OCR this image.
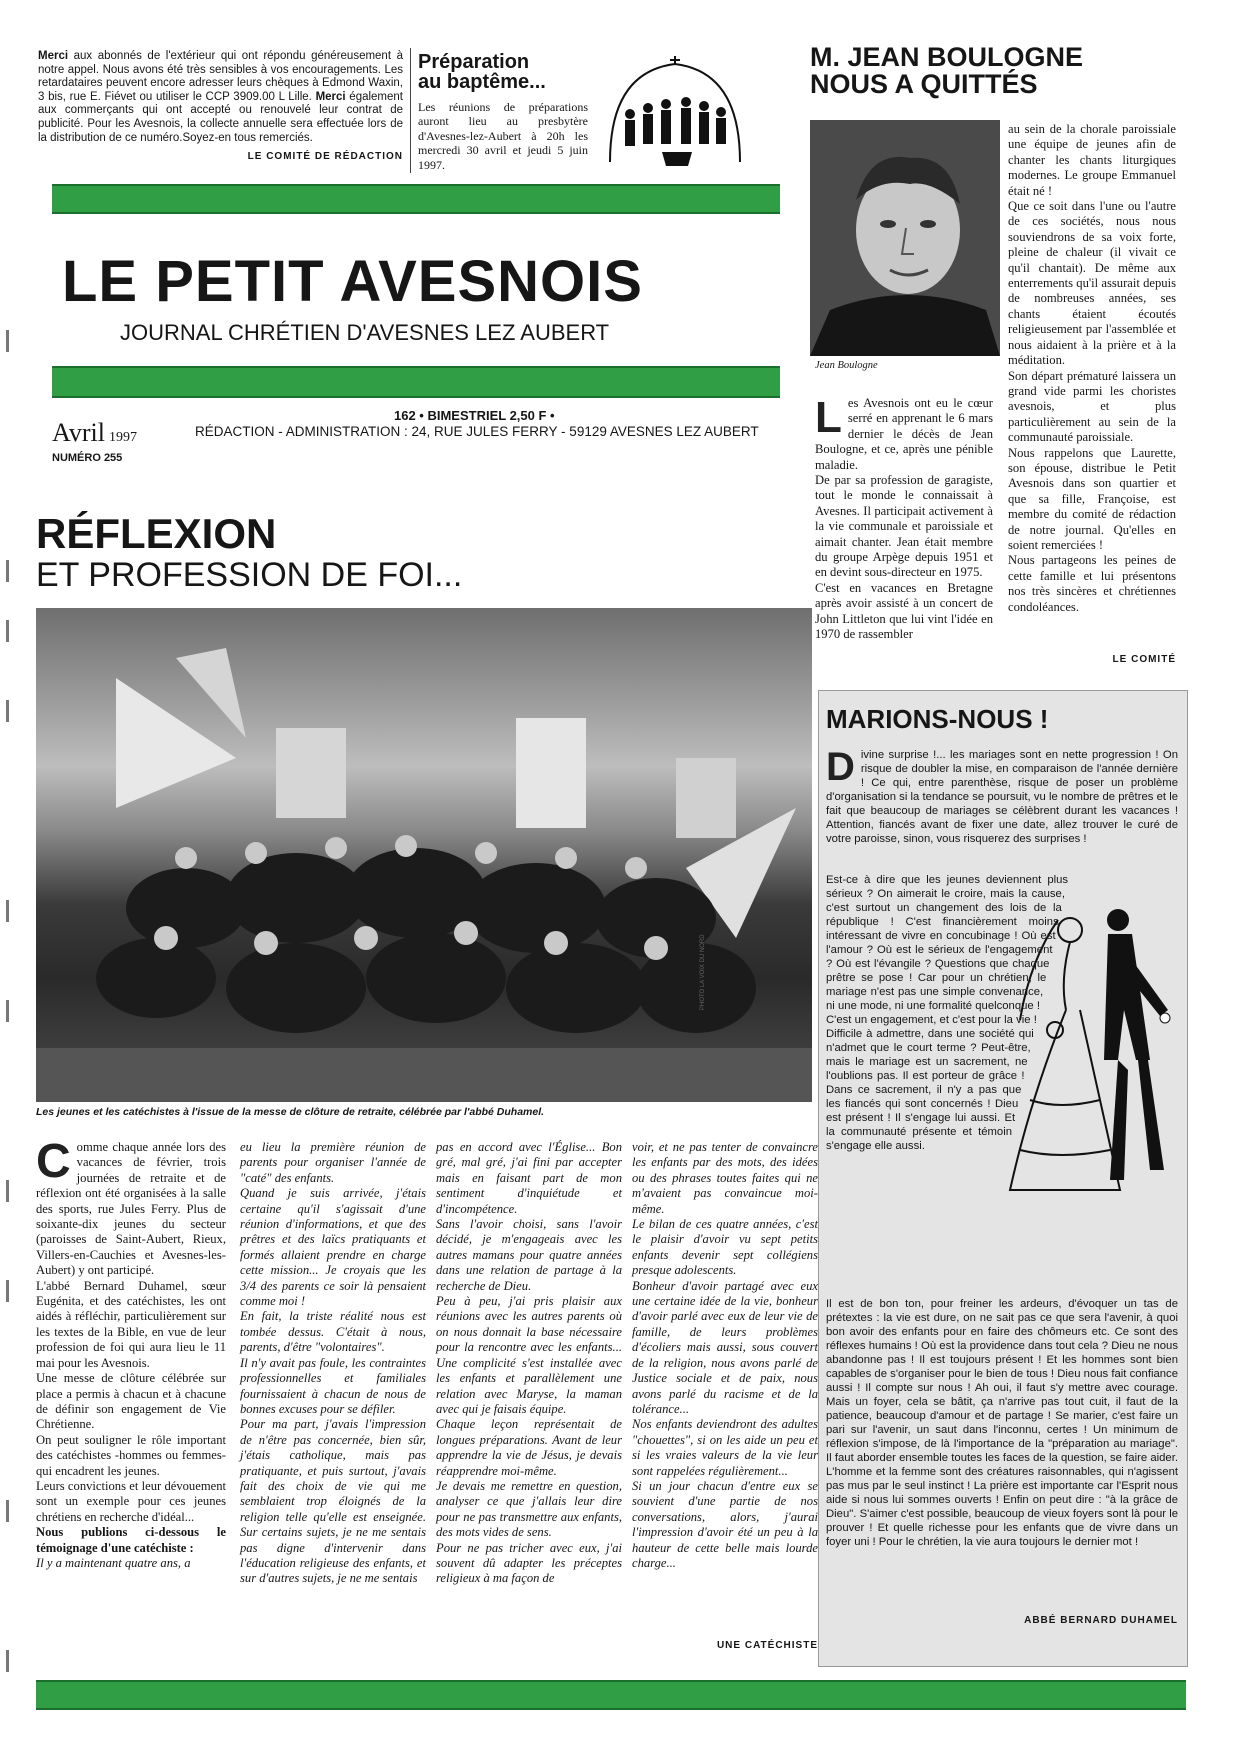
Merci aux abonnés de l'extérieur qui ont répondu généreusement à notre appel. Nous avons été très sensibles à vos encouragements. Les retardataires peuvent encore adresser leurs chèques à Edmond Waxin, 3 bis, rue E. Fiévet ou utiliser le CCP 3909.00 L Lille. Merci également aux commerçants qui ont accepté ou renouvelé leur contrat de publicité. Pour les Avesnois, la collecte annuelle sera effectuée lors de la distribution de ce numéro.Soyez-en tous remerciés.
LE COMITÉ DE RÉDACTION
Préparation
au baptême...
Les réunions de préparations auront lieu au presbytère d'Avesnes-lez-Aubert à 20h les mercredi 30 avril et jeudi 5 juin 1997.
LE PETIT AVESNOIS
JOURNAL CHRÉTIEN D'AVESNES LEZ AUBERT
Avril 1997
NUMÉRO 255
162 • BIMESTRIEL 2,50 F •
RÉDACTION - ADMINISTRATION : 24, RUE JULES FERRY - 59129 AVESNES LEZ AUBERT
RÉFLEXION
ET PROFESSION DE FOI...
PHOTO LA VOIX DU NORD
Les jeunes et les catéchistes à l'issue de la messe de clôture de retraite, célébrée par l'abbé Duhamel.
C omme chaque année lors des vacances de février, trois journées de retraite et de réflexion ont été organisées à la salle des sports, rue Jules Ferry. Plus de soixante-dix jeunes du secteur (paroisses de Saint-Aubert, Rieux, Villers-en-Cauchies et Avesnes-les-Aubert) y ont participé.

L'abbé Bernard Duhamel, sœur Eugénita, et des catéchistes, les ont aidés à réfléchir, particulièrement sur les textes de la Bible, en vue de leur profession de foi qui aura lieu le 11 mai pour les Avesnois.

Une messe de clôture célébrée sur place a permis à chacun et à chacune de définir son engagement de Vie Chrétienne.

On peut souligner le rôle important des catéchistes -hommes ou femmes- qui encadrent les jeunes.

Leurs convictions et leur dévouement sont un exemple pour ces jeunes chrétiens en recherche d'idéal...

Nous publions ci-dessous le témoignage d'une catéchiste :

Il y a maintenant quatre ans, a

eu lieu la première réunion de parents pour organiser l'année de "caté" des enfants.

Quand je suis arrivée, j'étais certaine qu'il s'agissait d'une réunion d'informations, et que des prêtres et des laïcs pratiquants et formés allaient prendre en charge cette mission... Je croyais que les 3/4 des parents ce soir là pensaient comme moi !

En fait, la triste réalité nous est tombée dessus. C'était à nous, parents, d'être "volontaires".

Il n'y avait pas foule, les contraintes professionnelles et familiales fournissaient à chacun de nous de bonnes excuses pour se défiler.

Pour ma part, j'avais l'impression de n'être pas concernée, bien sûr, j'étais catholique, mais pas pratiquante, et puis surtout, j'avais fait des choix de vie qui me semblaient trop éloignés de la religion telle qu'elle est enseignée. Sur certains sujets, je ne me sentais pas digne d'intervenir dans l'éducation religieuse des enfants, et sur d'autres sujets, je ne me sentais

pas en accord avec l'Église... Bon gré, mal gré, j'ai fini par accepter mais en faisant part de mon sentiment d'inquiétude et d'incompétence.

Sans l'avoir choisi, sans l'avoir décidé, je m'engageais avec les autres mamans pour quatre années dans une relation de partage à la recherche de Dieu.

Peu à peu, j'ai pris plaisir aux réunions avec les autres parents où on nous donnait la base nécessaire pour la rencontre avec les enfants... Une complicité s'est installée avec les enfants et parallèlement une relation avec Maryse, la maman avec qui je faisais équipe.

Chaque leçon représentait de longues préparations. Avant de leur apprendre la vie de Jésus, je devais réapprendre moi-même.

Je devais me remettre en question, analyser ce que j'allais leur dire pour ne pas transmettre aux enfants, des mots vides de sens.

Pour ne pas tricher avec eux, j'ai souvent dû adapter les préceptes religieux à ma façon de

voir, et ne pas tenter de convaincre les enfants par des mots, des idées ou des phrases toutes faites qui ne m'avaient pas convaincue moi-même.

Le bilan de ces quatre années, c'est le plaisir d'avoir vu sept petits enfants devenir sept collégiens presque adolescents.

Bonheur d'avoir partagé avec eux une certaine idée de la vie, bonheur d'avoir parlé avec eux de leur vie de famille, de leurs problèmes d'écoliers mais aussi, sous couvert de la religion, nous avons parlé de Justice sociale et de paix, nous avons parlé du racisme et de la tolérance...

Nos enfants deviendront des adultes "chouettes", si on les aide un peu et si les vraies valeurs de la vie leur sont rappelées régulièrement...

Si un jour chacun d'entre eux se souvient d'une partie de nos conversations, alors, j'aurai l'impression d'avoir été un peu à la hauteur de cette belle mais lourde charge...

UNE CATÉCHISTE
M. JEAN BOULOGNE
NOUS A QUITTÉS
Jean Boulogne
L es Avesnois ont eu le cœur serré en apprenant le 6 mars dernier le décès de Jean Boulogne, et ce, après une pénible maladie.

De par sa profession de garagiste, tout le monde le connaissait à Avesnes. Il participait activement à la vie communale et paroissiale et aimait chanter. Jean était membre du groupe Arpège depuis 1951 et en devint sous-directeur en 1975.

C'est en vacances en Bretagne après avoir assisté à un concert de John Littleton que lui vint l'idée en 1970 de rassembler

au sein de la chorale paroissiale une équipe de jeunes afin de chanter les chants liturgiques modernes. Le groupe Emmanuel était né !

Que ce soit dans l'une ou l'autre de ces sociétés, nous nous souviendrons de sa voix forte, pleine de chaleur (il vivait ce qu'il chantait). De même aux enterrements qu'il assurait depuis de nombreuses années, ses chants étaient écoutés religieusement par l'assemblée et nous aidaient à la prière et à la méditation.

Son départ prématuré laissera un grand vide parmi les choristes avesnois, et plus particulièrement au sein de la communauté paroissiale.

Nous rappelons que Laurette, son épouse, distribue le Petit Avesnois dans son quartier et que sa fille, Françoise, est membre du comité de rédaction de notre journal. Qu'elles en soient remerciées !

Nous partageons les peines de cette famille et lui présentons nos très sincères et chrétiennes condoléances.

LE COMITÉ
MARIONS-NOUS !
D ivine surprise !... les mariages sont en nette progression ! On risque de doubler la mise, en comparaison de l'année dernière ! Ce qui, entre parenthèse, risque de poser un problème d'organisation si la tendance se poursuit, vu le nombre de prêtres et le fait que beaucoup de mariages se célèbrent durant les vacances ! Attention, fiancés avant de fixer une date, allez trouver le curé de votre paroisse, sinon, vous risquerez des surprises !
Est-ce à dire que les jeunes deviennent plus sérieux ? On aimerait le croire, mais la cause, c'est surtout un changement des lois de la république ! C'est financièrement moins intéressant de vivre en concubinage ! Où est l'amour ? Où est le sérieux de l'engagement ? Où est l'évangile ? Questions que chaque prêtre se pose ! Car pour un chrétien, le mariage n'est pas une simple convenance, ni une mode, ni une formalité quelconque ! C'est un engagement, et c'est pour la vie ! Difficile à admettre, dans une société qui n'admet que le court terme ? Peut-être, mais le mariage est un sacrement, ne l'oublions pas. Il est porteur de grâce ! Dans ce sacrement, il n'y a pas que les fiancés qui sont concernés ! Dieu est présent ! Il s'engage lui aussi. Et la communauté présente et témoin s'engage elle aussi.
Il est de bon ton, pour freiner les ardeurs, d'évoquer un tas de prétextes : la vie est dure, on ne sait pas ce que sera l'avenir, à quoi bon avoir des enfants pour en faire des chômeurs etc. Ce sont des réflexes humains ! Où est la providence dans tout cela ? Dieu ne nous abandonne pas ! Il est toujours présent ! Et les hommes sont bien capables de s'organiser pour le bien de tous ! Dieu nous fait confiance aussi ! Il compte sur nous ! Ah oui, il faut s'y mettre avec courage. Mais un foyer, cela se bâtit, ça n'arrive pas tout cuit, il faut de la patience, beaucoup d'amour et de partage ! Se marier, c'est faire un pari sur l'avenir, un saut dans l'inconnu, certes ! Un minimum de réflexion s'impose, de là l'importance de la "préparation au mariage". Il faut aborder ensemble toutes les faces de la question, se faire aider. L'homme et la femme sont des créatures raisonnables, qui n'agissent pas mus par le seul instinct ! La prière est importante car l'Esprit nous aide si nous lui sommes ouverts ! Enfin on peut dire : "à la grâce de Dieu". S'aimer c'est possible, beaucoup de vieux foyers sont là pour le prouver ! Et quelle richesse pour les enfants que de vivre dans un foyer uni ! Pour le chrétien, la vie aura toujours le dernier mot !
ABBÉ BERNARD DUHAMEL
